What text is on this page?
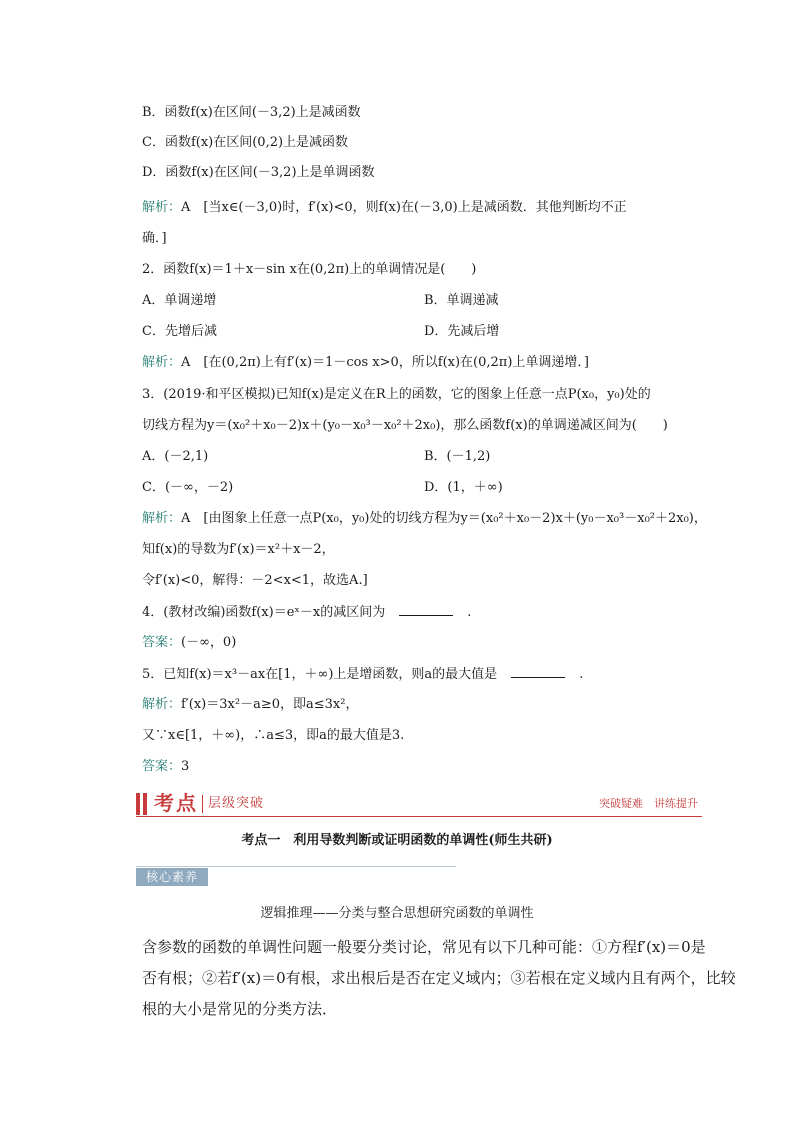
B．函数f(x)在区间(－3,2)上是减函数
C．函数f(x)在区间(0,2)上是减函数
D．函数f(x)在区间(－3,2)上是单调函数
解析：A　[当x∈(－3,0)时，f′(x)<0，则f(x)在(－3,0)上是减函数．其他判断均不正
确．]
2．函数f(x)＝1＋x－sin x在(0,2π)上的单调情况是(　　)
A．单调递增	B．单调递减
C．先增后减	D．先减后增
解析：A　[在(0,2π)上有f′(x)＝1－cos x>0，所以f(x)在(0,2π)上单调递增．]
3．(2019·和平区模拟)已知f(x)是定义在R上的函数，它的图象上任意一点P(x₀，y₀)处的
切线方程为y＝(x₀²＋x₀－2)x＋(y₀－x₀³－x₀²＋2x₀)，那么函数f(x)的单调递减区间为(　　)
A．(－2,1)	B．(－1,2)
C．(－∞，－2)	D．(1，＋∞)
解析：A　[由图象上任意一点P(x₀，y₀)处的切线方程为y＝(x₀²＋x₀－2)x＋(y₀－x₀³－x₀²＋2x₀)，
知f(x)的导数为f′(x)＝x²＋x－2，
令f′(x)<0，解得：－2<x<1，故选A.]
4．(教材改编)函数f(x)＝eˣ－x的减区间为	.
答案：(－∞，0)
5．已知f(x)＝x³－ax在[1，＋∞)上是增函数，则a的最大值是	.
解析：f′(x)＝3x²－a≥0，即a≤3x²，
又∵x∈[1，＋∞)，∴a≤3，即a的最大值是3.
答案：3
考点 层级突破	突破疑难　讲练提升
考点一　利用导数判断或证明函数的单调性(师生共研)
核心素养
逻辑推理——分类与整合思想研究函数的单调性
含参数的函数的单调性问题一般要分类讨论，常见有以下几种可能：①方程f′(x)＝0是
否有根；②若f′(x)＝0有根，求出根后是否在定义域内；③若根在定义域内且有两个，比较
根的大小是常见的分类方法．
